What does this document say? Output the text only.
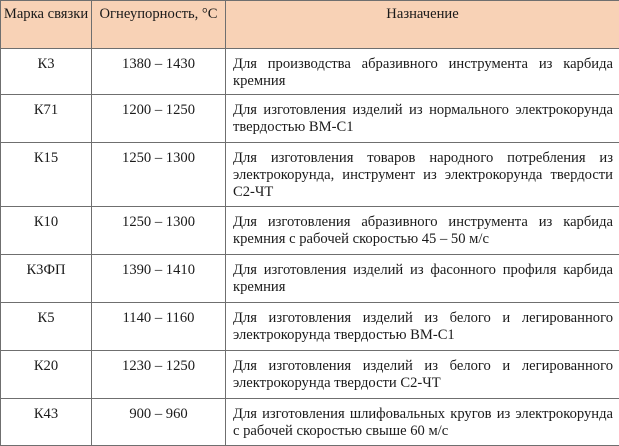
Марка связки	Огнеупорность, °С	Назначение
К3	1380 – 1430	Для производства абразивного инструмента из карбида кремния
К71	1200 – 1250	Для изготовления изделий из нормального электрокорунда твердостью ВМ-С1
К15	1250 – 1300	Для изготовления товаров народного потребления из электрокорунда, инструмент из электрокорунда твердости С2-ЧТ
К10	1250 – 1300	Для изготовления абразивного инструмента из карбида кремния с рабочей скоростью 45 – 50 м/с
К3ФП	1390 – 1410	Для изготовления изделий из фасонного профиля карбида кремния
К5	1140 – 1160	Для изготовления изделий из белого и легированного электрокорунда твердостью ВМ-С1
К20	1230 – 1250	Для изготовления изделий из белого и легированного электрокорунда твердости С2-ЧТ
К43	900 – 960	Для изготовления шлифовальных кругов из электрокорунда с рабочей скоростью свыше 60 м/с
